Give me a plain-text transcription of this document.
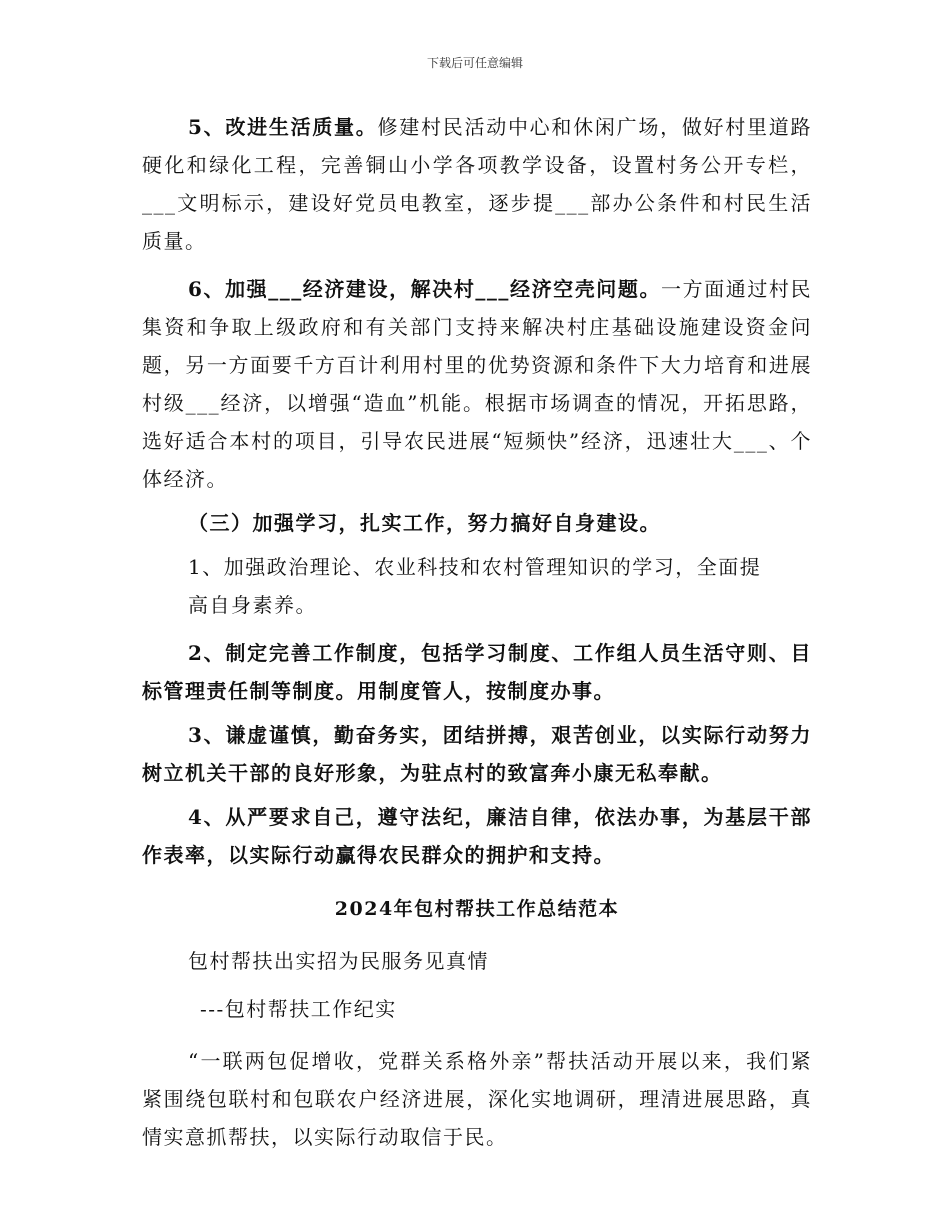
下载后可任意编辑

5、改进生活质量。修建村民活动中心和休闲广场，做好村里道路硬化和绿化工程，完善铜山小学各项教学设备，设置村务公开专栏，___文明标示，建设好党员电教室，逐步提___部办公条件和村民生活质量。

6、加强___经济建设，解决村___经济空壳问题。一方面通过村民集资和争取上级政府和有关部门支持来解决村庄基础设施建设资金问题，另一方面要千方百计利用村里的优势资源和条件下大力培育和进展村级___经济，以增强“造血”机能。根据市场调查的情况，开拓思路，选好适合本村的项目，引导农民进展“短频快”经济，迅速壮大___、个体经济。

（三）加强学习，扎实工作，努力搞好自身建设。

1、加强政治理论、农业科技和农村管理知识的学习，全面提

高自身素养。

2、制定完善工作制度，包括学习制度、工作组人员生活守则、目标管理责任制等制度。用制度管人，按制度办事。

3、谦虚谨慎，勤奋务实，团结拼搏，艰苦创业，以实际行动努力树立机关干部的良好形象，为驻点村的致富奔小康无私奉献。

4、从严要求自己，遵守法纪，廉洁自律，依法办事，为基层干部作表率，以实际行动赢得农民群众的拥护和支持。

2024年包村帮扶工作总结范本

包村帮扶出实招为民服务见真情

---包村帮扶工作纪实

“一联两包促增收，党群关系格外亲”帮扶活动开展以来，我们紧紧围绕包联村和包联农户经济进展，深化实地调研，理清进展思路，真情实意抓帮扶，以实际行动取信于民。
